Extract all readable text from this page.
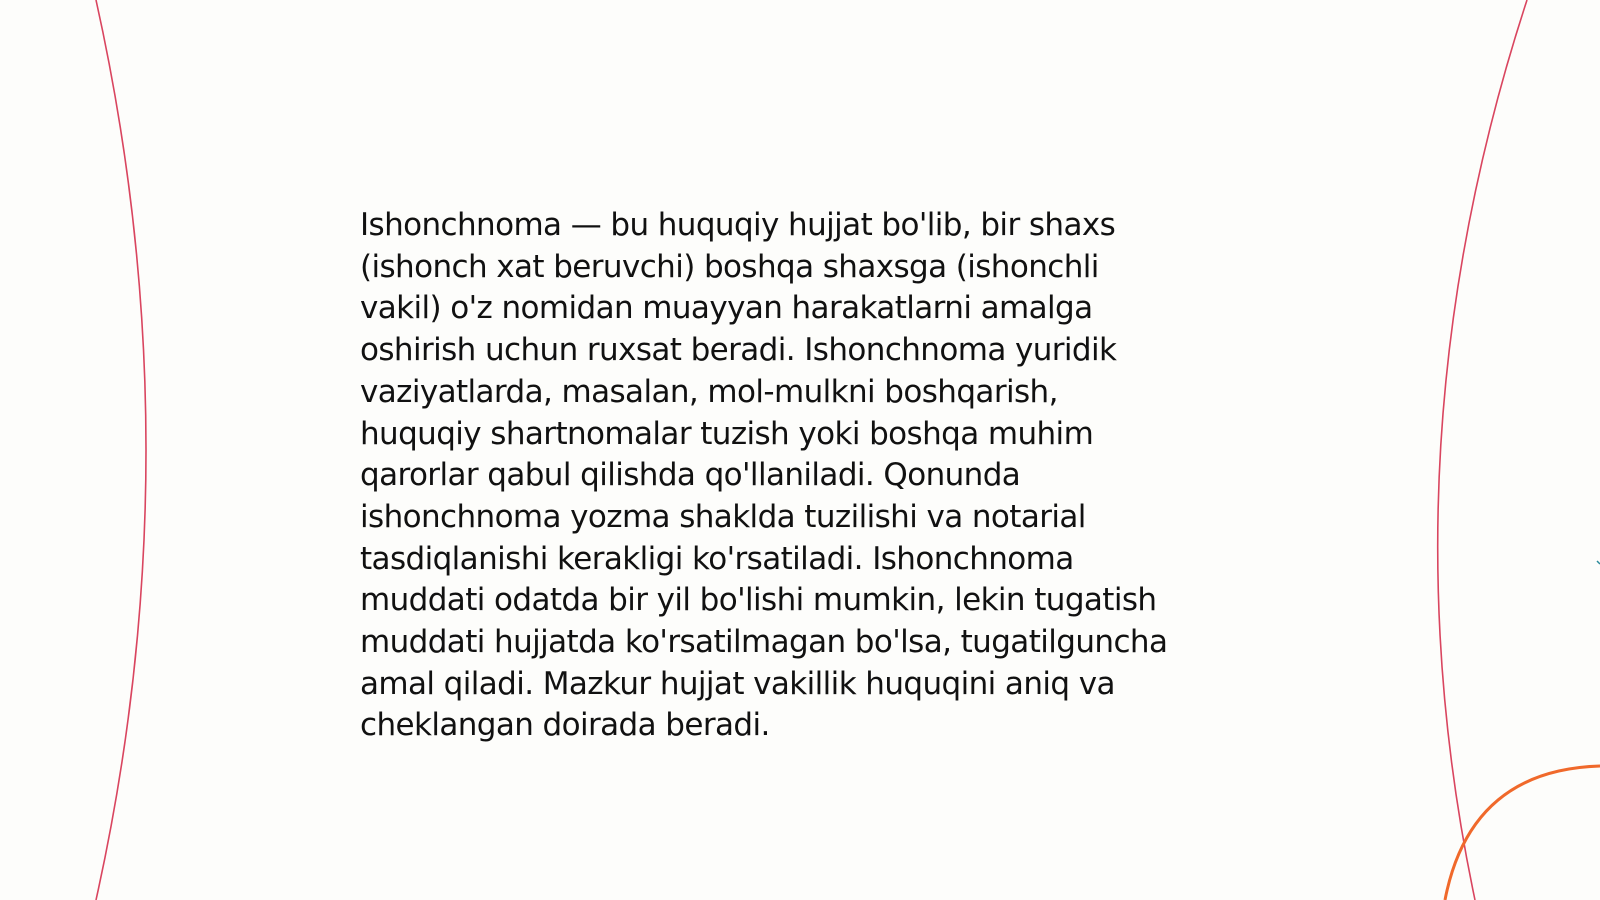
Ishonchnoma — bu huquqiy hujjat bo'lib, bir shaxs
(ishonch xat beruvchi) boshqa shaxsga (ishonchli
vakil) o'z nomidan muayyan harakatlarni amalga
oshirish uchun ruxsat beradi. Ishonchnoma yuridik
vaziyatlarda, masalan, mol-mulkni boshqarish,
huquqiy shartnomalar tuzish yoki boshqa muhim
qarorlar qabul qilishda qo'llaniladi. Qonunda
ishonchnoma yozma shaklda tuzilishi va notarial
tasdiqlanishi kerakligi ko'rsatiladi. Ishonchnoma
muddati odatda bir yil bo'lishi mumkin, lekin tugatish
muddati hujjatda ko'rsatilmagan bo'lsa, tugatilguncha
amal qiladi. Mazkur hujjat vakillik huquqini aniq va
cheklangan doirada beradi.
